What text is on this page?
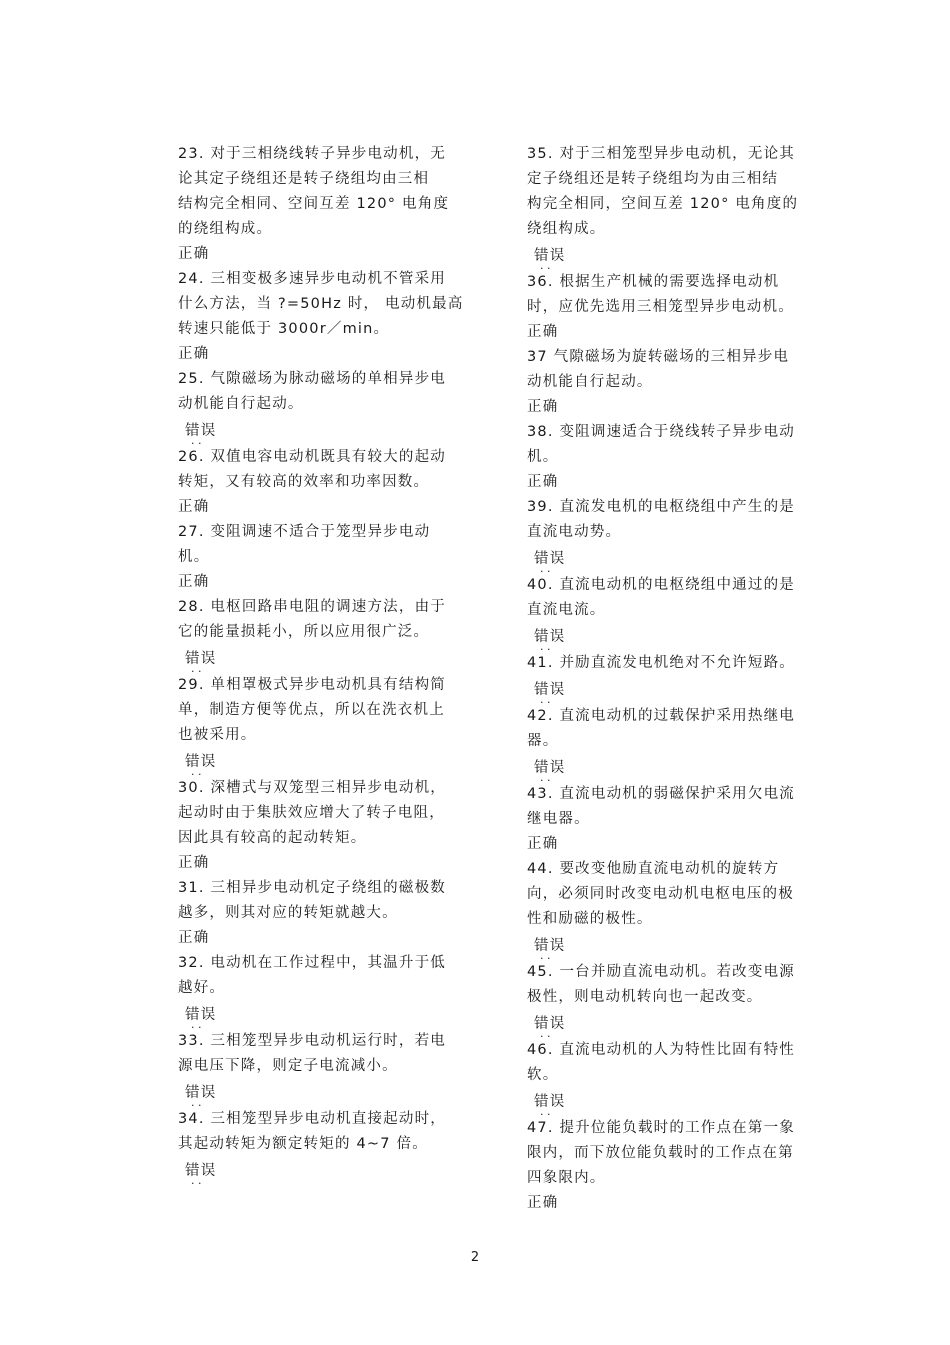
23. 对于三相绕线转子异步电动机，无
论其定子绕组还是转子绕组均由三相
结构完全相同、空间互差 120° 电角度
的绕组构成。

正确

24. 三相变极多速异步电动机不管采用
什么方法，当 ?=50Hz 时， 电动机最高
转速只能低于 3000r／min。

正确

25. 气隙磁场为脉动磁场的单相异步电
动机能自行起动。

错误 · ·

26. 双值电容电动机既具有较大的起动
转矩，又有较高的效率和功率因数。

正确

27. 变阻调速不适合于笼型异步电动
机。

正确

28. 电枢回路串电阻的调速方法，由于
它的能量损耗小，所以应用很广泛。

错误 · ·

29. 单相罩极式异步电动机具有结构简
单，制造方便等优点，所以在洗衣机上
也被采用。

错误 · ·

30. 深槽式与双笼型三相异步电动机，
起动时由于集肤效应增大了转子电阻，
因此具有较高的起动转矩。

正确

31. 三相异步电动机定子绕组的磁极数
越多，则其对应的转矩就越大。

正确

32. 电动机在工作过程中，其温升于低
越好。

错误 · ·

33. 三相笼型异步电动机运行时，若电
源电压下降，则定子电流减小。

错误 · ·

34. 三相笼型异步电动机直接起动时，
其起动转矩为额定转矩的 4~7 倍。

错误 · ·

35. 对于三相笼型异步电动机，无论其
定子绕组还是转子绕组均为由三相结
构完全相同，空间互差 120° 电角度的
绕组构成。

错误 · ·

36. 根据生产机械的需要选择电动机
时，应优先选用三相笼型异步电动机。

正确

37 气隙磁场为旋转磁场的三相异步电
动机能自行起动。

正确

38. 变阻调速适合于绕线转子异步电动
机。

正确

39. 直流发电机的电枢绕组中产生的是
直流电动势。

错误 · ·

40. 直流电动机的电枢绕组中通过的是
直流电流。

错误 · ·

41. 并励直流发电机绝对不允许短路。

错误 · ·

42. 直流电动机的过载保护采用热继电
器。

错误 · ·

43. 直流电动机的弱磁保护采用欠电流
继电器。

正确

44. 要改变他励直流电动机的旋转方
向，必须同时改变电动机电枢电压的极
性和励磁的极性。

错误 · ·

45. 一台并励直流电动机。若改变电源
极性，则电动机转向也一起改变。

错误 · ·

46. 直流电动机的人为特性比固有特性
软。

错误 · ·

47. 提升位能负载时的工作点在第一象
限内，而下放位能负载时的工作点在第
四象限内。

正确

2
